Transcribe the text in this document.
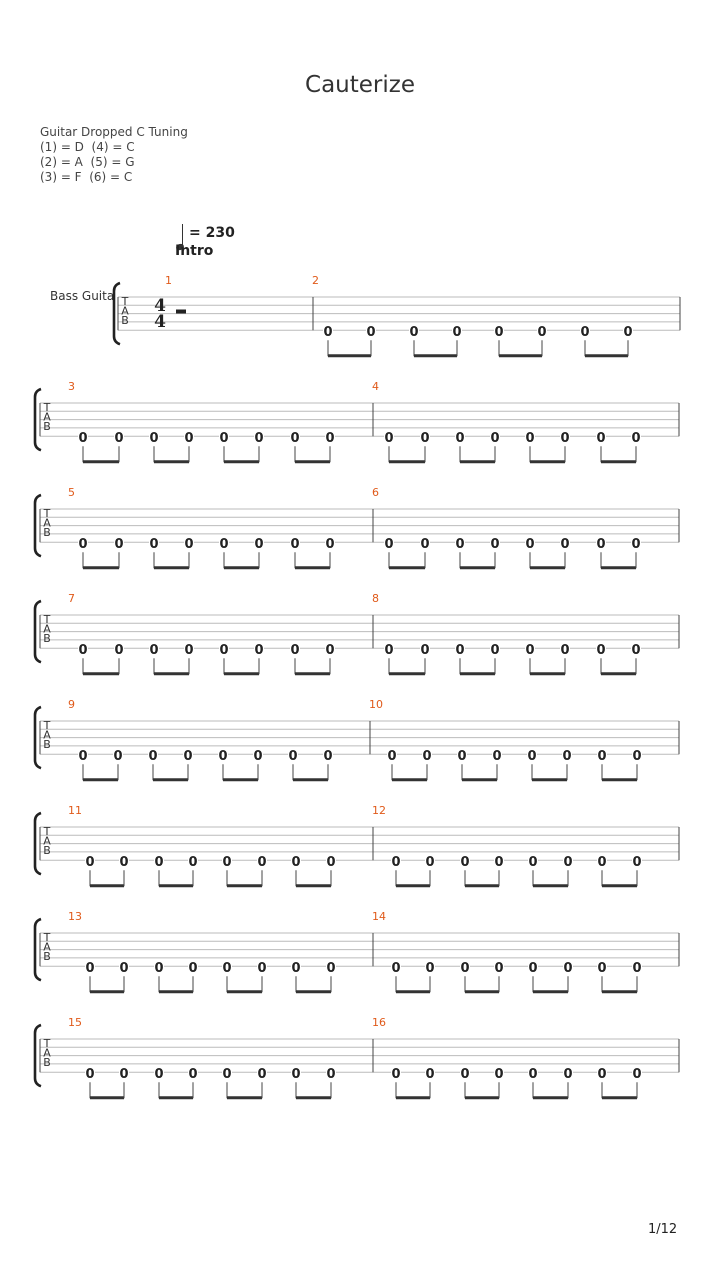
Cauterize
Guitar Dropped C Tuning
(1) = D  (4) = C
(2) = A  (5) = G
(3) = F  (6) = C
= 230
Intro
Bass Guita T
A
B
1	2
4
4
0	0	0	0	0	0	0	0
T
A
B
3	4
0 0 0 0 0 0 0 0	0 0 0 0 0 0 0 0
T
A
B
5	6
0 0 0 0 0 0 0 0	0 0 0 0 0 0 0 0
T
A
B
7	8
0 0 0 0 0 0 0 0	0 0 0 0 0 0 0 0
T
A
B
9	10
0 0 0 0 0 0 0 0	0 0 0 0 0 0 0 0
T
A
B
11	12
0 0 0 0 0 0 0 0	0 0 0 0 0 0 0 0
T
A
B
13	14
0 0 0 0 0 0 0 0	0 0 0 0 0 0 0 0
T
A
B
15	16
0 0 0 0 0 0 0 0	0 0 0 0 0 0 0 0
1/12
